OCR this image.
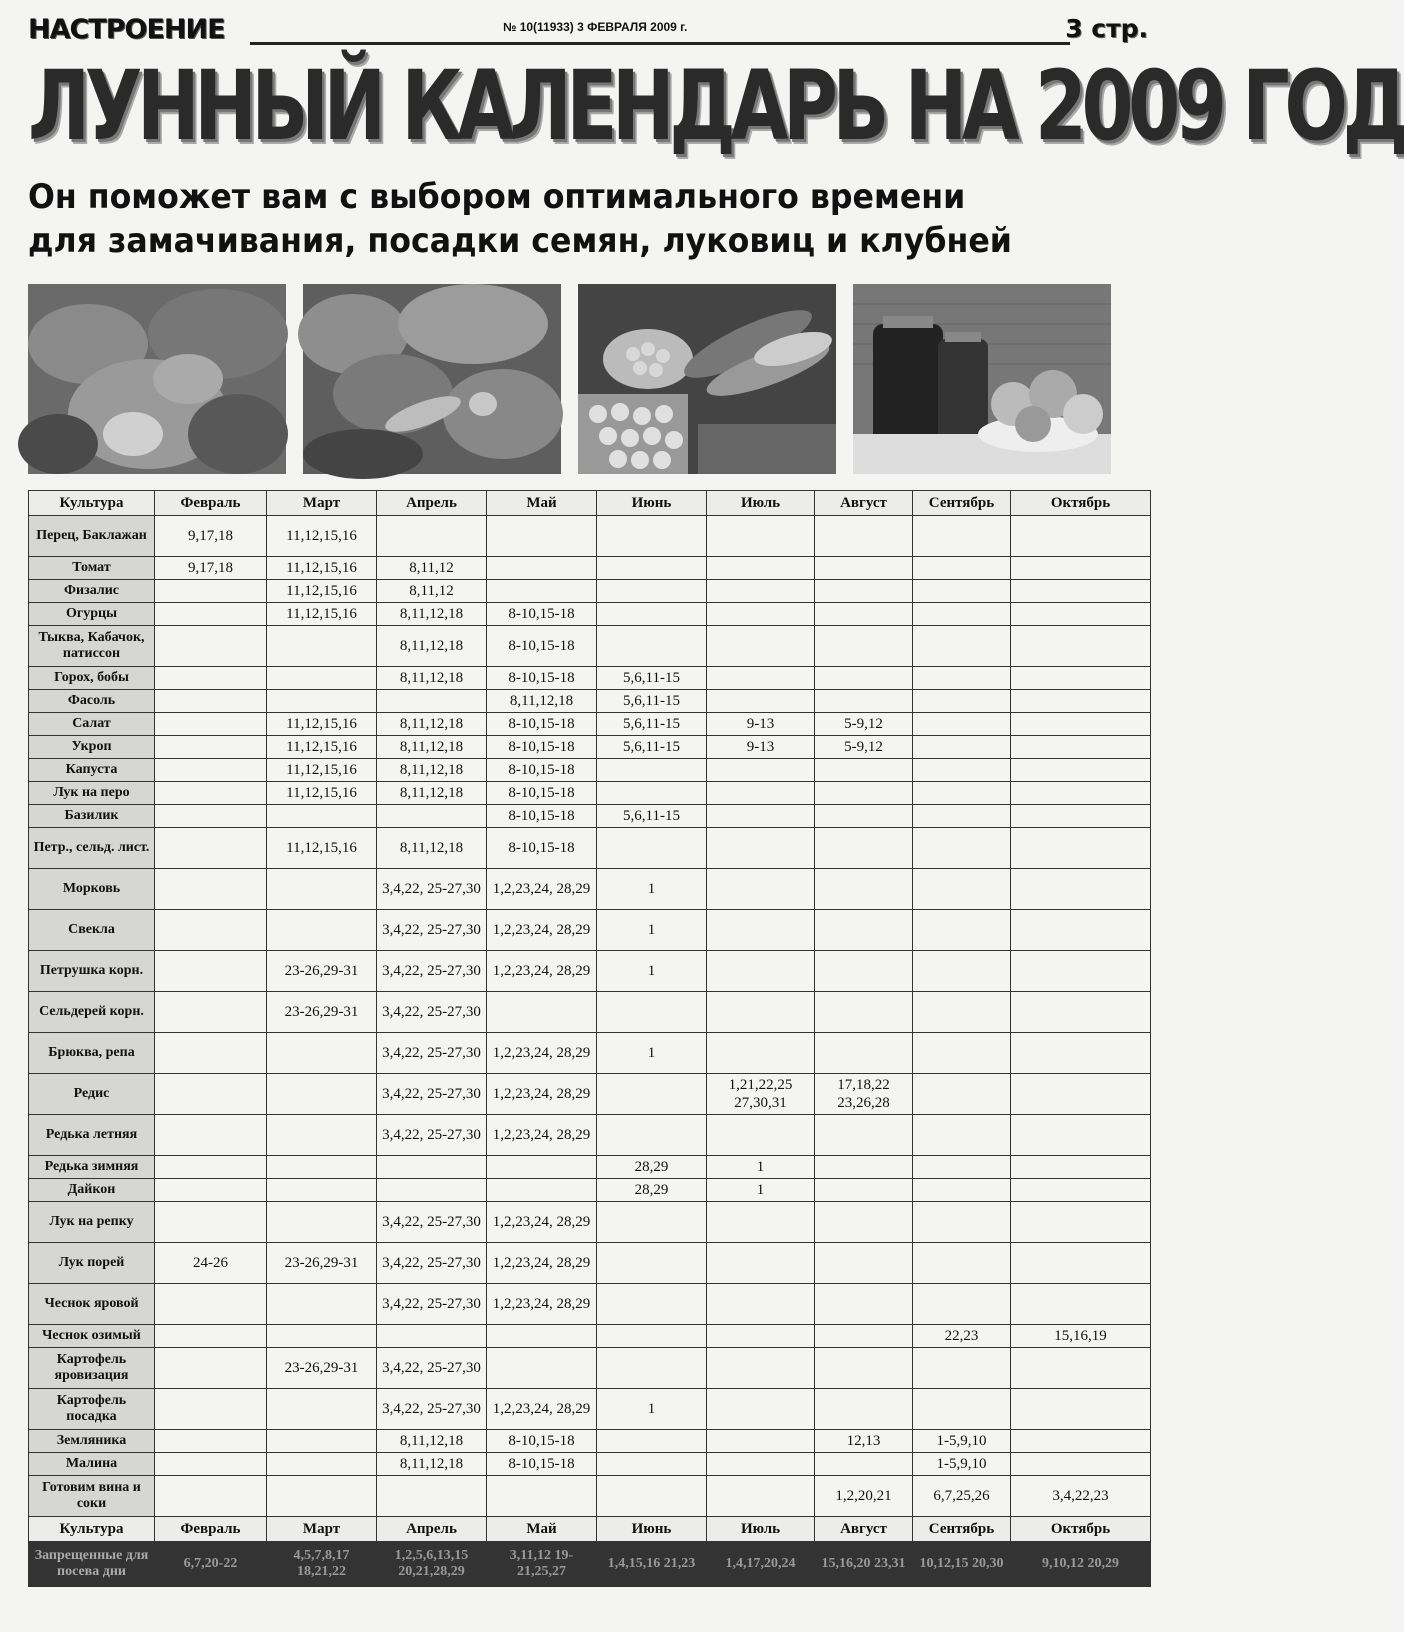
НАСТРОЕНИЕ	№ 10(11933) 3 ФЕВРАЛЯ 2009 г.	3 стр.
ЛУННЫЙ КАЛЕНДАРЬ НА 2009 ГОД
Он поможет вам с выбором оптимального времени
для замачивания, посадки семян, луковиц и клубней
Культура	Февраль	Март	Апрель	Май	Июнь	Июль	Август	Сентябрь	Октябрь
Перец, Баклажан	9,17,18	11,12,15,16							
Томат	9,17,18	11,12,15,16	8,11,12						
Физалис		11,12,15,16	8,11,12						
Огурцы		11,12,15,16	8,11,12,18	8-10,15-18					
Тыква, Кабачок, патиссон			8,11,12,18	8-10,15-18					
Горох, бобы			8,11,12,18	8-10,15-18	5,6,11-15				
Фасоль				8,11,12,18	5,6,11-15				
Салат		11,12,15,16	8,11,12,18	8-10,15-18	5,6,11-15	9-13	5-9,12		
Укроп		11,12,15,16	8,11,12,18	8-10,15-18	5,6,11-15	9-13	5-9,12		
Капуста		11,12,15,16	8,11,12,18	8-10,15-18					
Лук на перо		11,12,15,16	8,11,12,18	8-10,15-18					
Базилик				8-10,15-18	5,6,11-15				
Петр., сельд. лист.		11,12,15,16	8,11,12,18	8-10,15-18					
Морковь			3,4,22, 25-27,30	1,2,23,24, 28,29	1				
Свекла			3,4,22, 25-27,30	1,2,23,24, 28,29	1				
Петрушка корн.		23-26,29-31	3,4,22, 25-27,30	1,2,23,24, 28,29	1				
Сельдерей корн.		23-26,29-31	3,4,22, 25-27,30						
Брюква, репа			3,4,22, 25-27,30	1,2,23,24, 28,29	1				
Редис			3,4,22, 25-27,30	1,2,23,24, 28,29		1,21,22,25 27,30,31	17,18,22 23,26,28		
Редька летняя			3,4,22, 25-27,30	1,2,23,24, 28,29					
Редька зимняя					28,29	1			
Дайкон					28,29	1			
Лук на репку			3,4,22, 25-27,30	1,2,23,24, 28,29					
Лук порей	24-26	23-26,29-31	3,4,22, 25-27,30	1,2,23,24, 28,29					
Чеснок яровой			3,4,22, 25-27,30	1,2,23,24, 28,29					
Чеснок озимый								22,23	15,16,19
Картофель яровизация		23-26,29-31	3,4,22, 25-27,30						
Картофель посадка			3,4,22, 25-27,30	1,2,23,24, 28,29	1				
Земляника			8,11,12,18	8-10,15-18			12,13	1-5,9,10	
Малина			8,11,12,18	8-10,15-18				1-5,9,10	
Готовим вина и соки							1,2,20,21	6,7,25,26	3,4,22,23
Культура	Февраль	Март	Апрель	Май	Июнь	Июль	Август	Сентябрь	Октябрь
Запрещенные для посева дни	6,7,20-22	4,5,7,8,17 18,21,22	1,2,5,6,13,15 20,21,28,29	3,11,12 19-21,25,27	1,4,15,16 21,23	1,4,17,20,24	15,16,20 23,31	10,12,15 20,30	9,10,12 20,29
